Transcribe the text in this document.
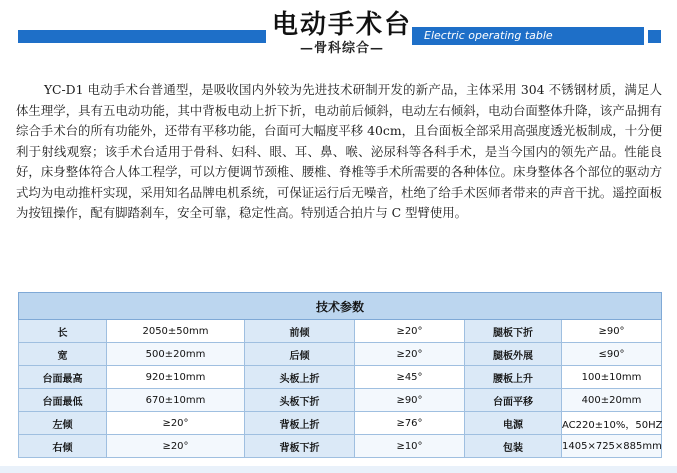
电动手术台
—骨科综合—
Electric operating table

YC-D1 电动手术台普通型，是吸收国内外较为先进技术研制开发的新产品，主体采用 304 不锈钢材质，满足人体生理学，具有五电动功能，其中背板电动上折下折，电动前后倾斜，电动左右倾斜，电动台面整体升降，该产品拥有综合手术台的所有功能外，还带有平移功能，台面可大幅度平移 40cm，且台面板全部采用高强度透光板制成，十分便利于射线观察；该手术台适用于骨科、妇科、眼、耳、鼻、喉、泌尿科等各科手术，是当今国内的领先产品。性能良好，床身整体符合人体工程学，可以方便调节颈椎、腰椎、脊椎等手术所需要的各种体位。床身整体各个部位的驱动方式均为电动推杆实现，采用知名品牌电机系统，可保证运行后无噪音，杜绝了给手术医师者带来的声音干扰。遥控面板为按钮操作，配有脚踏刹车，安全可靠，稳定性高。特别适合拍片与 C 型臂使用。

技术参数					
长	2050±50mm	前倾	≥20°	腿板下折	≥90°
宽	500±20mm	后倾	≥20°	腿板外展	≤90°
台面最高	920±10mm	头板上折	≥45°	腰板上升	100±10mm
台面最低	670±10mm	头板下折	≥90°	台面平移	400±20mm
左倾	≥20°	背板上折	≥76°	电源	AC220±10%，50HZ
右倾	≥20°	背板下折	≥10°	包装	1405×725×885mm
